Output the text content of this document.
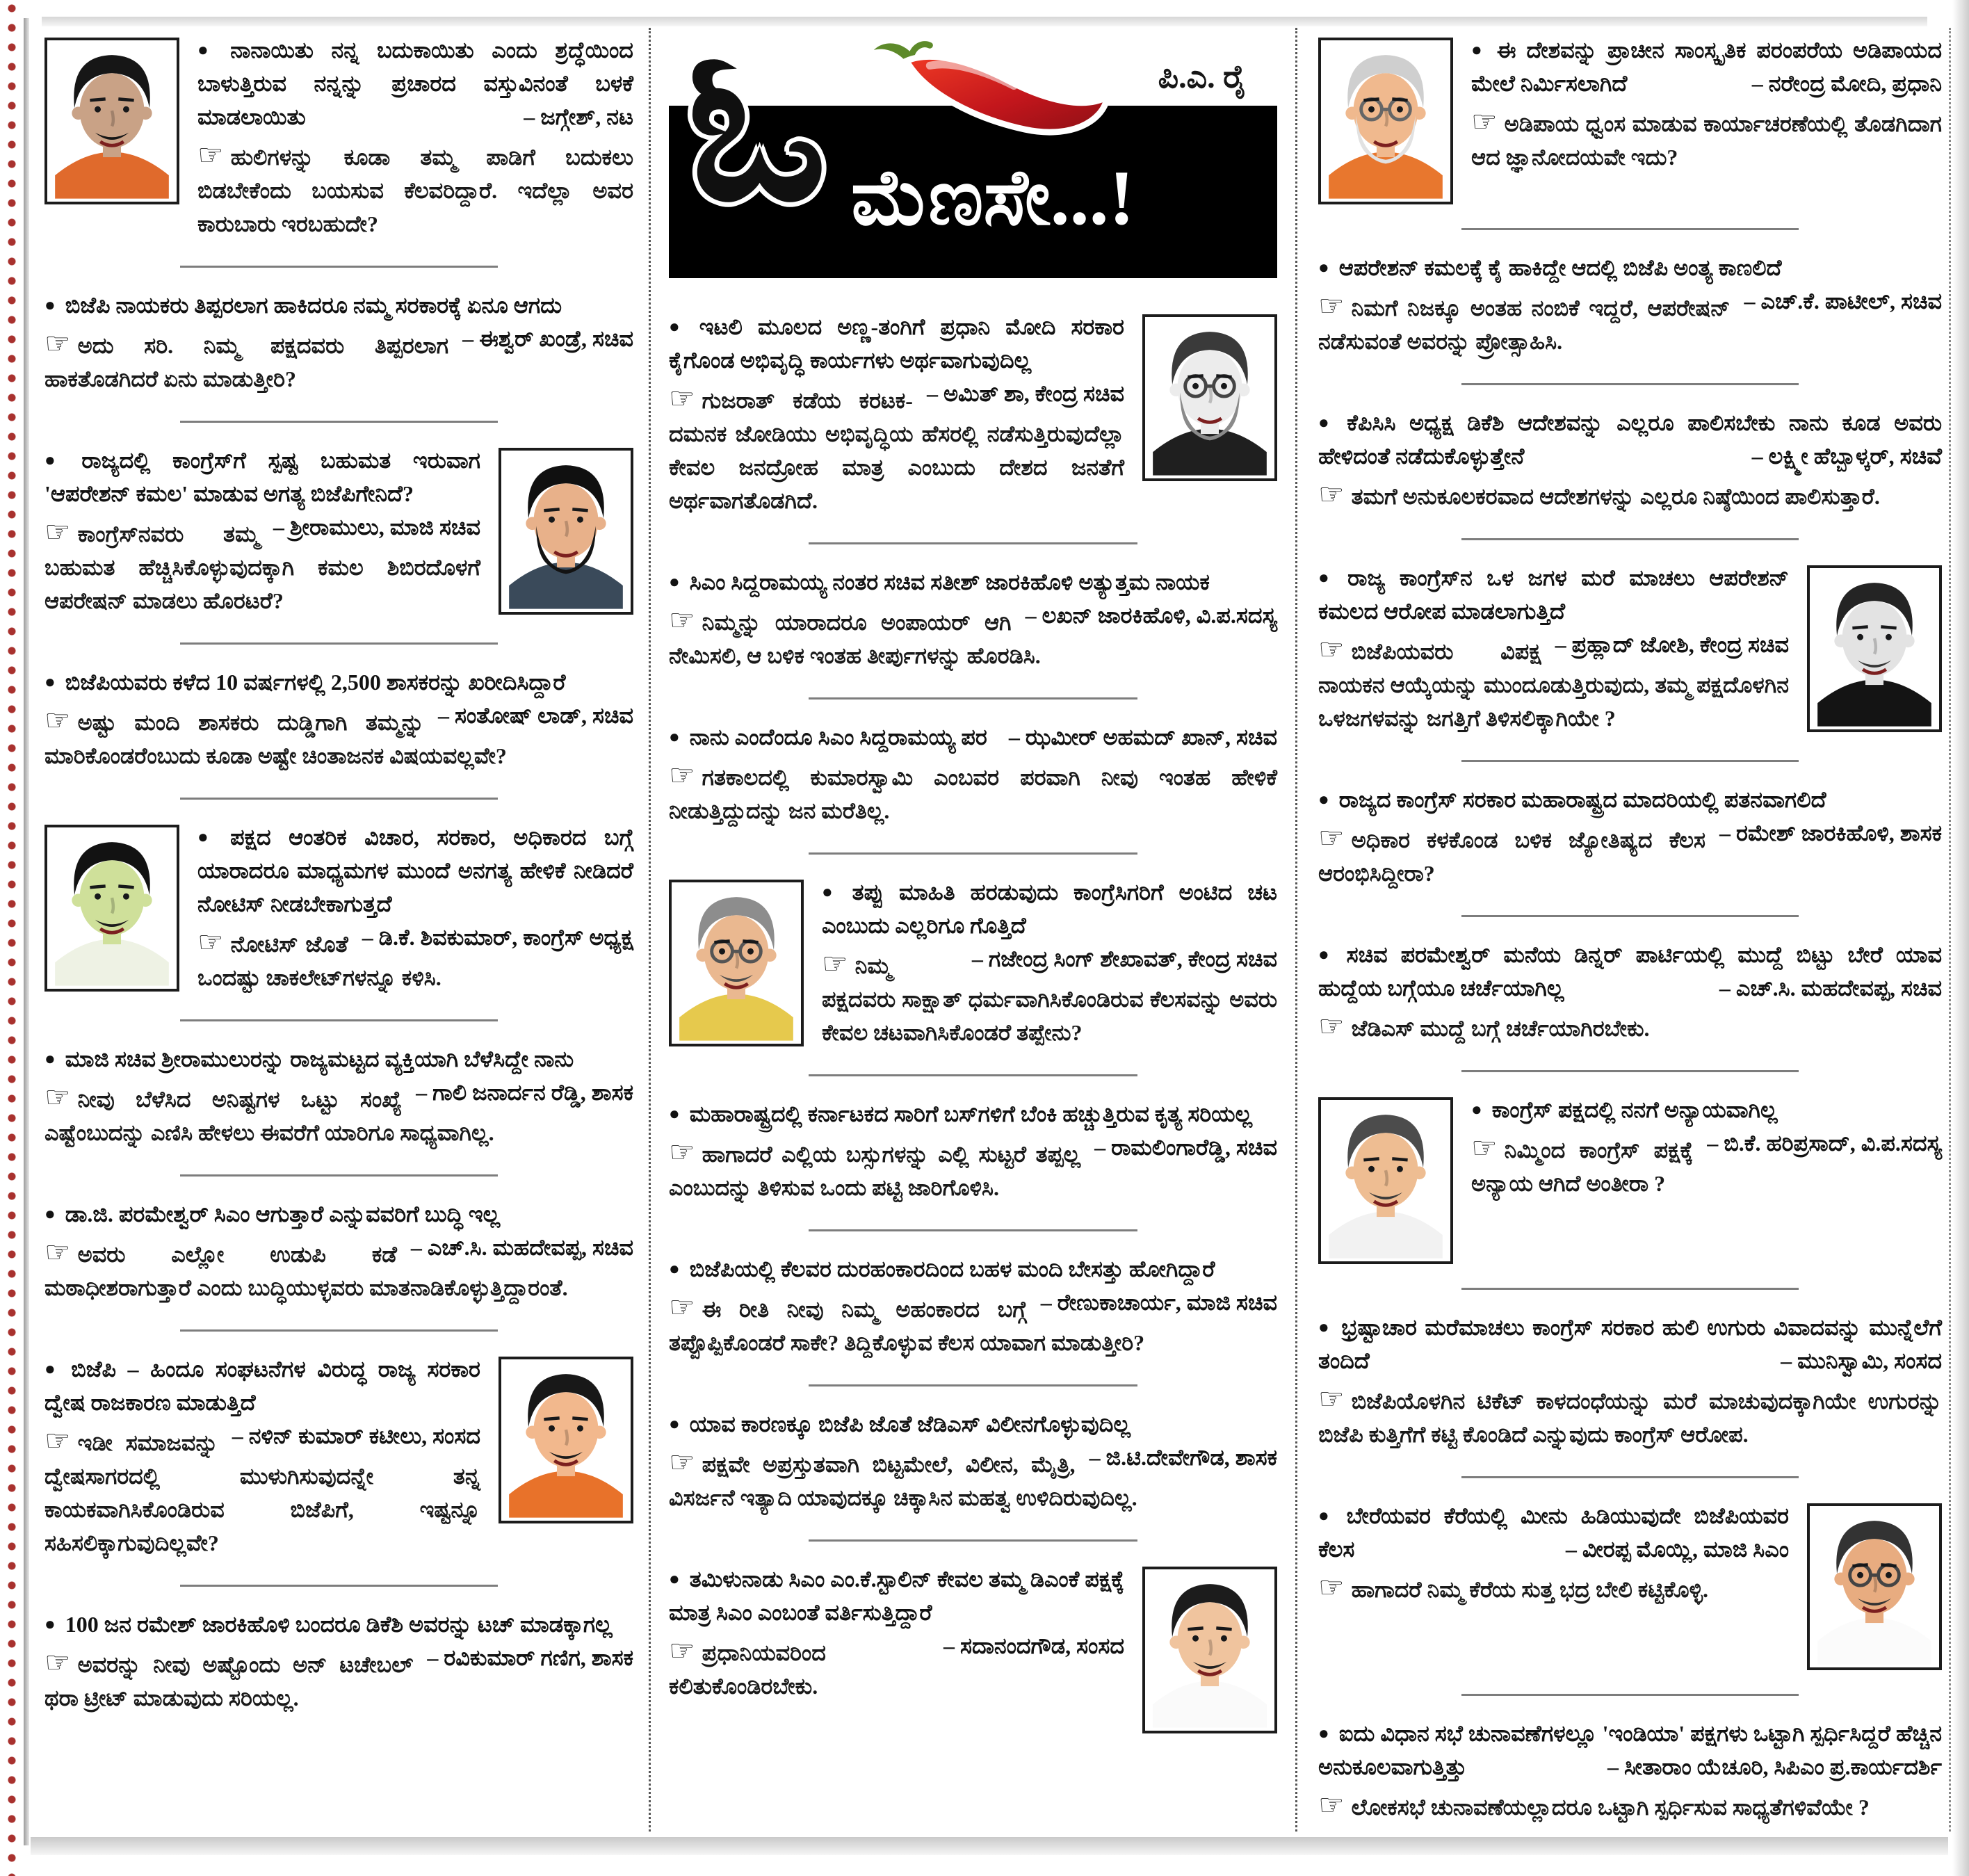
● ನಾನಾಯಿತು ನನ್ನ ಬದುಕಾಯಿತು ಎಂದು ಶ್ರದ್ಧೆಯಿಂದ ಬಾಳುತ್ತಿರುವ ನನ್ನನ್ನು ಪ್ರಚಾರದ ವಸ್ತುವಿನಂತೆ ಬಳಕೆ ಮಾಡಲಾಯಿತು	– ಜಗ್ಗೇಶ್, ನಟ

☞ ಹುಲಿಗಳನ್ನು ಕೂಡಾ ತಮ್ಮ ಪಾಡಿಗೆ ಬದುಕಲು ಬಿಡಬೇಕೆಂದು ಬಯಸುವ ಕೆಲವರಿದ್ದಾರೆ. ಇದೆಲ್ಲಾ ಅವರ ಕಾರುಬಾರು ಇರಬಹುದೇ?

● ಬಿಜೆಪಿ ನಾಯಕರು ತಿಪ್ಪರಲಾಗ ಹಾಕಿದರೂ ನಮ್ಮ ಸರಕಾರಕ್ಕೆ ಏನೂ ಆಗದು
– ಈಶ್ವರ್ ಖಂಡ್ರೆ, ಸಚಿವ

☞ ಅದು ಸರಿ. ನಿಮ್ಮ ಪಕ್ಷದವರು ತಿಪ್ಪರಲಾಗ ಹಾಕತೊಡಗಿದರೆ ಏನು ಮಾಡುತ್ತೀರಿ?

● ರಾಜ್ಯದಲ್ಲಿ ಕಾಂಗ್ರೆಸ್‌ಗೆ ಸ್ಪಷ್ಟ ಬಹುಮತ ಇರುವಾಗ 'ಆಪರೇಶನ್ ಕಮಲ' ಮಾಡುವ ಅಗತ್ಯ ಬಿಜೆಪಿಗೇನಿದೆ?
– ಶ್ರೀರಾಮುಲು, ಮಾಜಿ ಸಚಿವ

☞ ಕಾಂಗ್ರೆಸ್‌ನವರು ತಮ್ಮ ಬಹುಮತ ಹೆಚ್ಚಿಸಿಕೊಳ್ಳುವುದಕ್ಕಾಗಿ ಕಮಲ ಶಿಬಿರದೊಳಗೆ ಆಪರೇಷನ್ ಮಾಡಲು ಹೊರಟರೆ?

● ಬಿಜೆಪಿಯವರು ಕಳೆದ 10 ವರ್ಷಗಳಲ್ಲಿ 2,500 ಶಾಸಕರನ್ನು ಖರೀದಿಸಿದ್ದಾರೆ
– ಸಂತೋಷ್ ಲಾಡ್, ಸಚಿವ

☞ ಅಷ್ಟು ಮಂದಿ ಶಾಸಕರು ದುಡ್ಡಿಗಾಗಿ ತಮ್ಮನ್ನು ಮಾರಿಕೊಂಡರೆಂಬುದು ಕೂಡಾ ಅಷ್ಟೇ ಚಿಂತಾಜನಕ ವಿಷಯವಲ್ಲವೇ?

● ಪಕ್ಷದ ಆಂತರಿಕ ವಿಚಾರ, ಸರಕಾರ, ಅಧಿಕಾರದ ಬಗ್ಗೆ ಯಾರಾದರೂ ಮಾಧ್ಯಮಗಳ ಮುಂದೆ ಅನಗತ್ಯ ಹೇಳಿಕೆ ನೀಡಿದರೆ ನೋಟಿಸ್ ನೀಡಬೇಕಾಗುತ್ತದೆ
– ಡಿ.ಕೆ. ಶಿವಕುಮಾರ್, ಕಾಂಗ್ರೆಸ್ ಅಧ್ಯಕ್ಷ

☞ ನೋಟಿಸ್ ಜೊತೆ ಒಂದಷ್ಟು ಚಾಕಲೇಟ್‌ಗಳನ್ನೂ ಕಳಿಸಿ.

● ಮಾಜಿ ಸಚಿವ ಶ್ರೀರಾಮುಲುರನ್ನು ರಾಜ್ಯಮಟ್ಟದ ವ್ಯಕ್ತಿಯಾಗಿ ಬೆಳೆಸಿದ್ದೇ ನಾನು
– ಗಾಲಿ ಜನಾರ್ದನ ರೆಡ್ಡಿ, ಶಾಸಕ

☞ ನೀವು ಬೆಳೆಸಿದ ಅನಿಷ್ಟಗಳ ಒಟ್ಟು ಸಂಖ್ಯೆ ಎಷ್ಟೆಂಬುದನ್ನು ಎಣಿಸಿ ಹೇಳಲು ಈವರೆಗೆ ಯಾರಿಗೂ ಸಾಧ್ಯವಾಗಿಲ್ಲ.

● ಡಾ.ಜಿ. ಪರಮೇಶ್ವರ್ ಸಿಎಂ ಆಗುತ್ತಾರೆ ಎನ್ನುವವರಿಗೆ ಬುದ್ಧಿ ಇಲ್ಲ
– ಎಚ್.ಸಿ. ಮಹದೇವಪ್ಪ, ಸಚಿವ

☞ ಅವರು ಎಲ್ಲೋ ಉಡುಪಿ ಕಡೆ ಮಠಾಧೀಶರಾಗುತ್ತಾರೆ ಎಂದು ಬುದ್ಧಿಯುಳ್ಳವರು ಮಾತನಾಡಿಕೊಳ್ಳುತ್ತಿದ್ದಾರಂತೆ.

● ಬಿಜೆಪಿ – ಹಿಂದೂ ಸಂಘಟನೆಗಳ ವಿರುದ್ಧ ರಾಜ್ಯ ಸರಕಾರ ದ್ವೇಷ ರಾಜಕಾರಣ ಮಾಡುತ್ತಿದೆ
– ನಳಿನ್ ಕುಮಾರ್ ಕಟೀಲು, ಸಂಸದ

☞ ಇಡೀ ಸಮಾಜವನ್ನು ದ್ವೇಷಸಾಗರದಲ್ಲಿ ಮುಳುಗಿಸುವುದನ್ನೇ ತನ್ನ ಕಾಯಕವಾಗಿಸಿಕೊಂಡಿರುವ ಬಿಜೆಪಿಗೆ, ಇಷ್ಟನ್ನೂ ಸಹಿಸಲಿಕ್ಕಾಗುವುದಿಲ್ಲವೇ?

● 100 ಜನ ರಮೇಶ್ ಜಾರಕಿಹೊಳಿ ಬಂದರೂ ಡಿಕೆಶಿ ಅವರನ್ನು ಟಚ್ ಮಾಡಕ್ಕಾಗಲ್ಲ
– ರವಿಕುಮಾರ್ ಗಣಿಗ, ಶಾಸಕ

☞ ಅವರನ್ನು ನೀವು ಅಷ್ಟೊಂದು ಅನ್ ಟಚೇಬಲ್ ಥರಾ ಟ್ರೀಟ್ ಮಾಡುವುದು ಸರಿಯಲ್ಲ.

ಓ ಮೆಣಸೇ...!
ಪಿ.ಎ. ರೈ

● ಇಟಲಿ ಮೂಲದ ಅಣ್ಣ-ತಂಗಿಗೆ ಪ್ರಧಾನಿ ಮೋದಿ ಸರಕಾರ ಕೈಗೊಂಡ ಅಭಿವೃದ್ಧಿ ಕಾರ್ಯಗಳು ಅರ್ಥವಾಗುವುದಿಲ್ಲ
– ಅಮಿತ್ ಶಾ, ಕೇಂದ್ರ ಸಚಿವ

☞ ಗುಜರಾತ್ ಕಡೆಯ ಕರಟಕ-ದಮನಕ ಜೋಡಿಯು ಅಭಿವೃದ್ಧಿಯ ಹೆಸರಲ್ಲಿ ನಡೆಸುತ್ತಿರುವುದೆಲ್ಲಾ ಕೇವಲ ಜನದ್ರೋಹ ಮಾತ್ರ ಎಂಬುದು ದೇಶದ ಜನತೆಗೆ ಅರ್ಥವಾಗತೊಡಗಿದೆ.

● ಸಿಎಂ ಸಿದ್ದರಾಮಯ್ಯ ನಂತರ ಸಚಿವ ಸತೀಶ್ ಜಾರಕಿಹೊಳಿ ಅತ್ಯುತ್ತಮ ನಾಯಕ
– ಲಖನ್ ಜಾರಕಿಹೊಳಿ, ವಿ.ಪ.ಸದಸ್ಯ

☞ ನಿಮ್ಮನ್ನು ಯಾರಾದರೂ ಅಂಪಾಯರ್ ಆಗಿ ನೇಮಿಸಲಿ, ಆ ಬಳಿಕ ಇಂತಹ ತೀರ್ಪುಗಳನ್ನು ಹೊರಡಿಸಿ.

● ನಾನು ಎಂದೆಂದೂ ಸಿಎಂ ಸಿದ್ದರಾಮಯ್ಯ ಪರ – ಝಮೀರ್ ಅಹಮದ್ ಖಾನ್, ಸಚಿವ

☞ ಗತಕಾಲದಲ್ಲಿ ಕುಮಾರಸ್ವಾಮಿ ಎಂಬವರ ಪರವಾಗಿ ನೀವು ಇಂತಹ ಹೇಳಿಕೆ ನೀಡುತ್ತಿದ್ದುದನ್ನು ಜನ ಮರೆತಿಲ್ಲ.

● ತಪ್ಪು ಮಾಹಿತಿ ಹರಡುವುದು ಕಾಂಗ್ರೆಸಿಗರಿಗೆ ಅಂಟಿದ ಚಟ ಎಂಬುದು ಎಲ್ಲರಿಗೂ ಗೊತ್ತಿದೆ
– ಗಜೇಂದ್ರ ಸಿಂಗ್ ಶೇಖಾವತ್, ಕೇಂದ್ರ ಸಚಿವ

☞ ನಿಮ್ಮ ಪಕ್ಷದವರು ಸಾಕ್ಷಾತ್ ಧರ್ಮವಾಗಿಸಿಕೊಂಡಿರುವ ಕೆಲಸವನ್ನು ಅವರು ಕೇವಲ ಚಟವಾಗಿಸಿಕೊಂಡರೆ ತಪ್ಪೇನು?

● ಮಹಾರಾಷ್ಟ್ರದಲ್ಲಿ ಕರ್ನಾಟಕದ ಸಾರಿಗೆ ಬಸ್‌ಗಳಿಗೆ ಬೆಂಕಿ ಹಚ್ಚುತ್ತಿರುವ ಕೃತ್ಯ ಸರಿಯಲ್ಲ
– ರಾಮಲಿಂಗಾರೆಡ್ಡಿ, ಸಚಿವ

☞ ಹಾಗಾದರೆ ಎಲ್ಲಿಯ ಬಸ್ಸುಗಳನ್ನು ಎಲ್ಲಿ ಸುಟ್ಟರೆ ತಪ್ಪಲ್ಲ ಎಂಬುದನ್ನು ತಿಳಿಸುವ ಒಂದು ಪಟ್ಟಿ ಜಾರಿಗೊಳಿಸಿ.

● ಬಿಜೆಪಿಯಲ್ಲಿ ಕೆಲವರ ದುರಹಂಕಾರದಿಂದ ಬಹಳ ಮಂದಿ ಬೇಸತ್ತು ಹೋಗಿದ್ದಾರೆ
– ರೇಣುಕಾಚಾರ್ಯ, ಮಾಜಿ ಸಚಿವ

☞ ಈ ರೀತಿ ನೀವು ನಿಮ್ಮ ಅಹಂಕಾರದ ಬಗ್ಗೆ ತಪ್ಪೊಪ್ಪಿಕೊಂಡರೆ ಸಾಕೇ? ತಿದ್ದಿಕೊಳ್ಳುವ ಕೆಲಸ ಯಾವಾಗ ಮಾಡುತ್ತೀರಿ?

● ಯಾವ ಕಾರಣಕ್ಕೂ ಬಿಜೆಪಿ ಜೊತೆ ಜೆಡಿಎಸ್ ವಿಲೀನಗೊಳ್ಳುವುದಿಲ್ಲ
– ಜಿ.ಟಿ.ದೇವೇಗೌಡ, ಶಾಸಕ

☞ ಪಕ್ಷವೇ ಅಪ್ರಸ್ತುತವಾಗಿ ಬಿಟ್ಟಮೇಲೆ, ವಿಲೀನ, ಮೈತ್ರಿ, ವಿಸರ್ಜನೆ ಇತ್ಯಾದಿ ಯಾವುದಕ್ಕೂ ಚಿಕ್ಕಾಸಿನ ಮಹತ್ವ ಉಳಿದಿರುವುದಿಲ್ಲ.

● ತಮಿಳುನಾಡು ಸಿಎಂ ಎಂ.ಕೆ.ಸ್ಟಾಲಿನ್ ಕೇವಲ ತಮ್ಮ ಡಿಎಂಕೆ ಪಕ್ಷಕ್ಕೆ ಮಾತ್ರ ಸಿಎಂ ಎಂಬಂತೆ ವರ್ತಿಸುತ್ತಿದ್ದಾರೆ
– ಸದಾನಂದಗೌಡ, ಸಂಸದ

☞ ಪ್ರಧಾನಿಯವರಿಂದ ಕಲಿತುಕೊಂಡಿರಬೇಕು.

● ಈ ದೇಶವನ್ನು ಪ್ರಾಚೀನ ಸಾಂಸ್ಕೃತಿಕ ಪರಂಪರೆಯ ಅಡಿಪಾಯದ ಮೇಲೆ ನಿರ್ಮಿಸಲಾಗಿದೆ	– ನರೇಂದ್ರ ಮೋದಿ, ಪ್ರಧಾನಿ

☞ ಅಡಿಪಾಯ ಧ್ವಂಸ ಮಾಡುವ ಕಾರ್ಯಾಚರಣೆಯಲ್ಲಿ ತೊಡಗಿದಾಗ ಆದ ಜ್ಞಾನೋದಯವೇ ಇದು?

● ಆಪರೇಶನ್ ಕಮಲಕ್ಕೆ ಕೈ ಹಾಕಿದ್ದೇ ಆದಲ್ಲಿ ಬಿಜೆಪಿ ಅಂತ್ಯ ಕಾಣಲಿದೆ
– ಎಚ್.ಕೆ. ಪಾಟೀಲ್, ಸಚಿವ

☞ ನಿಮಗೆ ನಿಜಕ್ಕೂ ಅಂತಹ ನಂಬಿಕೆ ಇದ್ದರೆ, ಆಪರೇಷನ್ ನಡೆಸುವಂತೆ ಅವರನ್ನು ಪ್ರೋತ್ಸಾಹಿಸಿ.

● ಕೆಪಿಸಿಸಿ ಅಧ್ಯಕ್ಷ ಡಿಕೆಶಿ ಆದೇಶವನ್ನು ಎಲ್ಲರೂ ಪಾಲಿಸಬೇಕು ನಾನು ಕೂಡ ಅವರು ಹೇಳಿದಂತೆ ನಡೆದುಕೊಳ್ಳುತ್ತೇನೆ	– ಲಕ್ಷ್ಮೀ ಹೆಬ್ಬಾಳ್ಕರ್, ಸಚಿವೆ

☞ ತಮಗೆ ಅನುಕೂಲಕರವಾದ ಆದೇಶಗಳನ್ನು ಎಲ್ಲರೂ ನಿಷ್ಠೆಯಿಂದ ಪಾಲಿಸುತ್ತಾರೆ.

● ರಾಜ್ಯ ಕಾಂಗ್ರೆಸ್‌ನ ಒಳ ಜಗಳ ಮರೆ ಮಾಚಲು ಆಪರೇಶನ್ ಕಮಲದ ಆರೋಪ ಮಾಡಲಾಗುತ್ತಿದೆ
– ಪ್ರಹ್ಲಾದ್ ಜೋಶಿ, ಕೇಂದ್ರ ಸಚಿವ

☞ ಬಿಜೆಪಿಯವರು ವಿಪಕ್ಷ ನಾಯಕನ ಆಯ್ಕೆಯನ್ನು ಮುಂದೂಡುತ್ತಿರುವುದು, ತಮ್ಮ ಪಕ್ಷದೊಳಗಿನ ಒಳಜಗಳವನ್ನು ಜಗತ್ತಿಗೆ ತಿಳಿಸಲಿಕ್ಕಾಗಿಯೇ ?

● ರಾಜ್ಯದ ಕಾಂಗ್ರೆಸ್ ಸರಕಾರ ಮಹಾರಾಷ್ಟ್ರದ ಮಾದರಿಯಲ್ಲಿ ಪತನವಾಗಲಿದೆ
– ರಮೇಶ್ ಜಾರಕಿಹೊಳಿ, ಶಾಸಕ

☞ ಅಧಿಕಾರ ಕಳಕೊಂಡ ಬಳಿಕ ಜ್ಯೋತಿಷ್ಯದ ಕೆಲಸ ಆರಂಭಿಸಿದ್ದೀರಾ?

● ಸಚಿವ ಪರಮೇಶ್ವರ್ ಮನೆಯ ಡಿನ್ನರ್ ಪಾರ್ಟಿಯಲ್ಲಿ ಮುದ್ದೆ ಬಿಟ್ಟು ಬೇರೆ ಯಾವ ಹುದ್ದೆಯ ಬಗ್ಗೆಯೂ ಚರ್ಚೆಯಾಗಿಲ್ಲ	– ಎಚ್.ಸಿ. ಮಹದೇವಪ್ಪ, ಸಚಿವ

☞ ಜೆಡಿಎಸ್ ಮುದ್ದೆ ಬಗ್ಗೆ ಚರ್ಚೆಯಾಗಿರಬೇಕು.

● ಕಾಂಗ್ರೆಸ್ ಪಕ್ಷದಲ್ಲಿ ನನಗೆ ಅನ್ಯಾಯವಾಗಿಲ್ಲ
– ಬಿ.ಕೆ. ಹರಿಪ್ರಸಾದ್, ವಿ.ಪ.ಸದಸ್ಯ

☞ ನಿಮ್ಮಿಂದ ಕಾಂಗ್ರೆಸ್ ಪಕ್ಷಕ್ಕೆ ಅನ್ಯಾಯ ಆಗಿದೆ ಅಂತೀರಾ ?

● ಭ್ರಷ್ಟಾಚಾರ ಮರೆಮಾಚಲು ಕಾಂಗ್ರೆಸ್ ಸರಕಾರ ಹುಲಿ ಉಗುರು ವಿವಾದವನ್ನು ಮುನ್ನೆಲೆಗೆ ತಂದಿದೆ	– ಮುನಿಸ್ವಾಮಿ, ಸಂಸದ

☞ ಬಿಜೆಪಿಯೊಳಗಿನ ಟಿಕೆಟ್ ಕಾಳದಂಧೆಯನ್ನು ಮರೆ ಮಾಚುವುದಕ್ಕಾಗಿಯೇ ಉಗುರನ್ನು ಬಿಜೆಪಿ ಕುತ್ತಿಗೆಗೆ ಕಟ್ಟಿ ಕೊಂಡಿದೆ ಎನ್ನುವುದು ಕಾಂಗ್ರೆಸ್ ಆರೋಪ.

● ಬೇರೆಯವರ ಕೆರೆಯಲ್ಲಿ ಮೀನು ಹಿಡಿಯುವುದೇ ಬಿಜೆಪಿಯವರ ಕೆಲಸ	– ವೀರಪ್ಪ ಮೊಯ್ಲಿ, ಮಾಜಿ ಸಿಎಂ

☞ ಹಾಗಾದರೆ ನಿಮ್ಮ ಕೆರೆಯ ಸುತ್ತ ಭದ್ರ ಬೇಲಿ ಕಟ್ಟಿಕೊಳ್ಳಿ.

● ಐದು ವಿಧಾನ ಸಭೆ ಚುನಾವಣೆಗಳಲ್ಲೂ 'ಇಂಡಿಯಾ' ಪಕ್ಷಗಳು ಒಟ್ಟಾಗಿ ಸ್ಪರ್ಧಿಸಿದ್ದರೆ ಹೆಚ್ಚಿನ ಅನುಕೂಲವಾಗುತ್ತಿತ್ತು	– ಸೀತಾರಾಂ ಯೆಚೂರಿ, ಸಿಪಿಎಂ ಪ್ರ.ಕಾರ್ಯದರ್ಶಿ

☞ ಲೋಕಸಭೆ ಚುನಾವಣೆಯಲ್ಲಾದರೂ ಒಟ್ಟಾಗಿ ಸ್ಪರ್ಧಿಸುವ ಸಾಧ್ಯತೆಗಳಿವೆಯೇ ?
